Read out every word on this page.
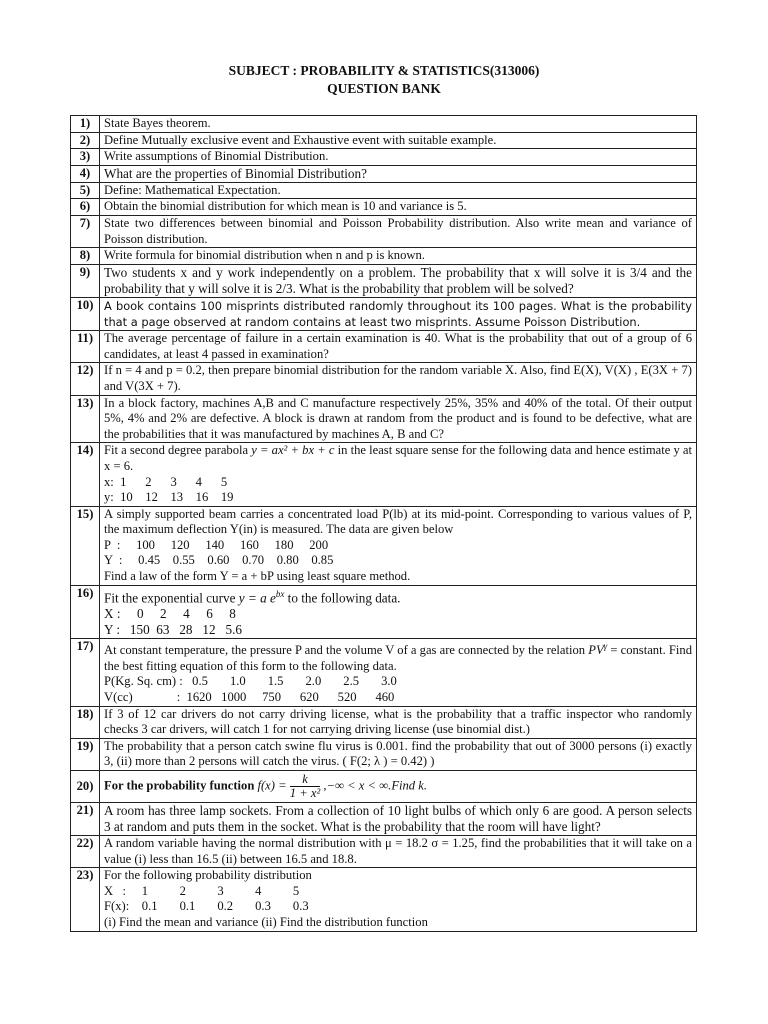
SUBJECT : PROBABILITY & STATISTICS(313006)
QUESTION BANK
1)	State Bayes theorem.
2)	Define Mutually exclusive event and Exhaustive event with suitable example.
3)	Write assumptions of Binomial Distribution.
4)	What are the properties of Binomial Distribution?
5)	Define: Mathematical Expectation.
6)	Obtain the binomial distribution for which mean is 10 and variance is 5.
7)	State two differences between binomial and Poisson Probability distribution. Also write mean and variance of Poisson distribution.
8)	Write formula for binomial distribution when n and p is known.
9)	Two students x and y work independently on a problem. The probability that x will solve it is 3/4 and the probability that y will solve it is 2/3. What is the probability that problem will be solved?
10)	A book contains 100 misprints distributed randomly throughout its 100 pages. What is the probability that a page observed at random contains at least two misprints. Assume Poisson Distribution.
11)	The average percentage of failure in a certain examination is 40. What is the probability that out of a group of 6 candidates, at least 4 passed in examination?
12)	If n = 4 and p = 0.2, then prepare binomial distribution for the random variable X. Also, find E(X), V(X) , E(3X + 7) and V(3X + 7).
13)	In a block factory, machines A,B and C manufacture respectively 25%, 35% and 40% of the total. Of their output 5%, 4% and 2% are defective. A block is drawn at random from the product and is found to be defective, what are the probabilities that it was manufactured by machines A, B and C?
14)	Fit a second degree parabola y = ax² + bx + c in the least square sense for the following data and hence estimate y at x = 6.
x:  1      2      3      4      5
y:  10    12    13    16    19

15)	A simply supported beam carries a concentrated load P(lb) at its mid-point. Corresponding to various values of P, the maximum deflection Y(in) is measured. The data are given below
P  :     100     120     140     160     180     200
Y  :     0.45    0.55    0.60    0.70    0.80    0.85
Find a law of the form Y = a + bP using least square method.

16)	Fit the exponential curve y = a $e^{bx}$ to the following data.
X :     0     2     4     6     8
Y :   150  63   28   12   5.6

17)	At constant temperature, the pressure P and the volume V of a gas are connected by the relation $PV^\gamma$ = constant. Find the best fitting equation of this form to the following data.
P(Kg. Sq. cm) :   0.5       1.0       1.5       2.0       2.5       3.0
V(cc)              :  1620   1000     750      620      520      460

18)	If 3 of 12 car drivers do not carry driving license, what is the probability that a traffic inspector who randomly checks 3 car drivers, will catch 1 for not carrying driving license (use binomial dist.)
19)	The probability that a person catch swine flu virus is 0.001. find the probability that out of 3000 persons (i) exactly 3, (ii) more than 2 persons will catch the virus. ( F(2; λ ) = 0.42) )
20)	For the probability function $f(x) = \frac{k}{\text{1 + x²}}$ ,−∞ < x < ∞.Find k.
21)	A room has three lamp sockets. From a collection of 10 light bulbs of which only 6 are good. A person selects 3 at random and puts them in the socket. What is the probability that the room will have light?
22)	A random variable having the normal distribution with μ = 18.2 σ = 1.25, find the probabilities that it will take on a value (i) less than 16.5 (ii) between 16.5 and 18.8.
23)	For the following probability distribution
X   :     1          2          3          4          5
F(x):    0.1       0.1       0.2       0.3       0.3
(i) Find the mean and variance (ii) Find the distribution function
